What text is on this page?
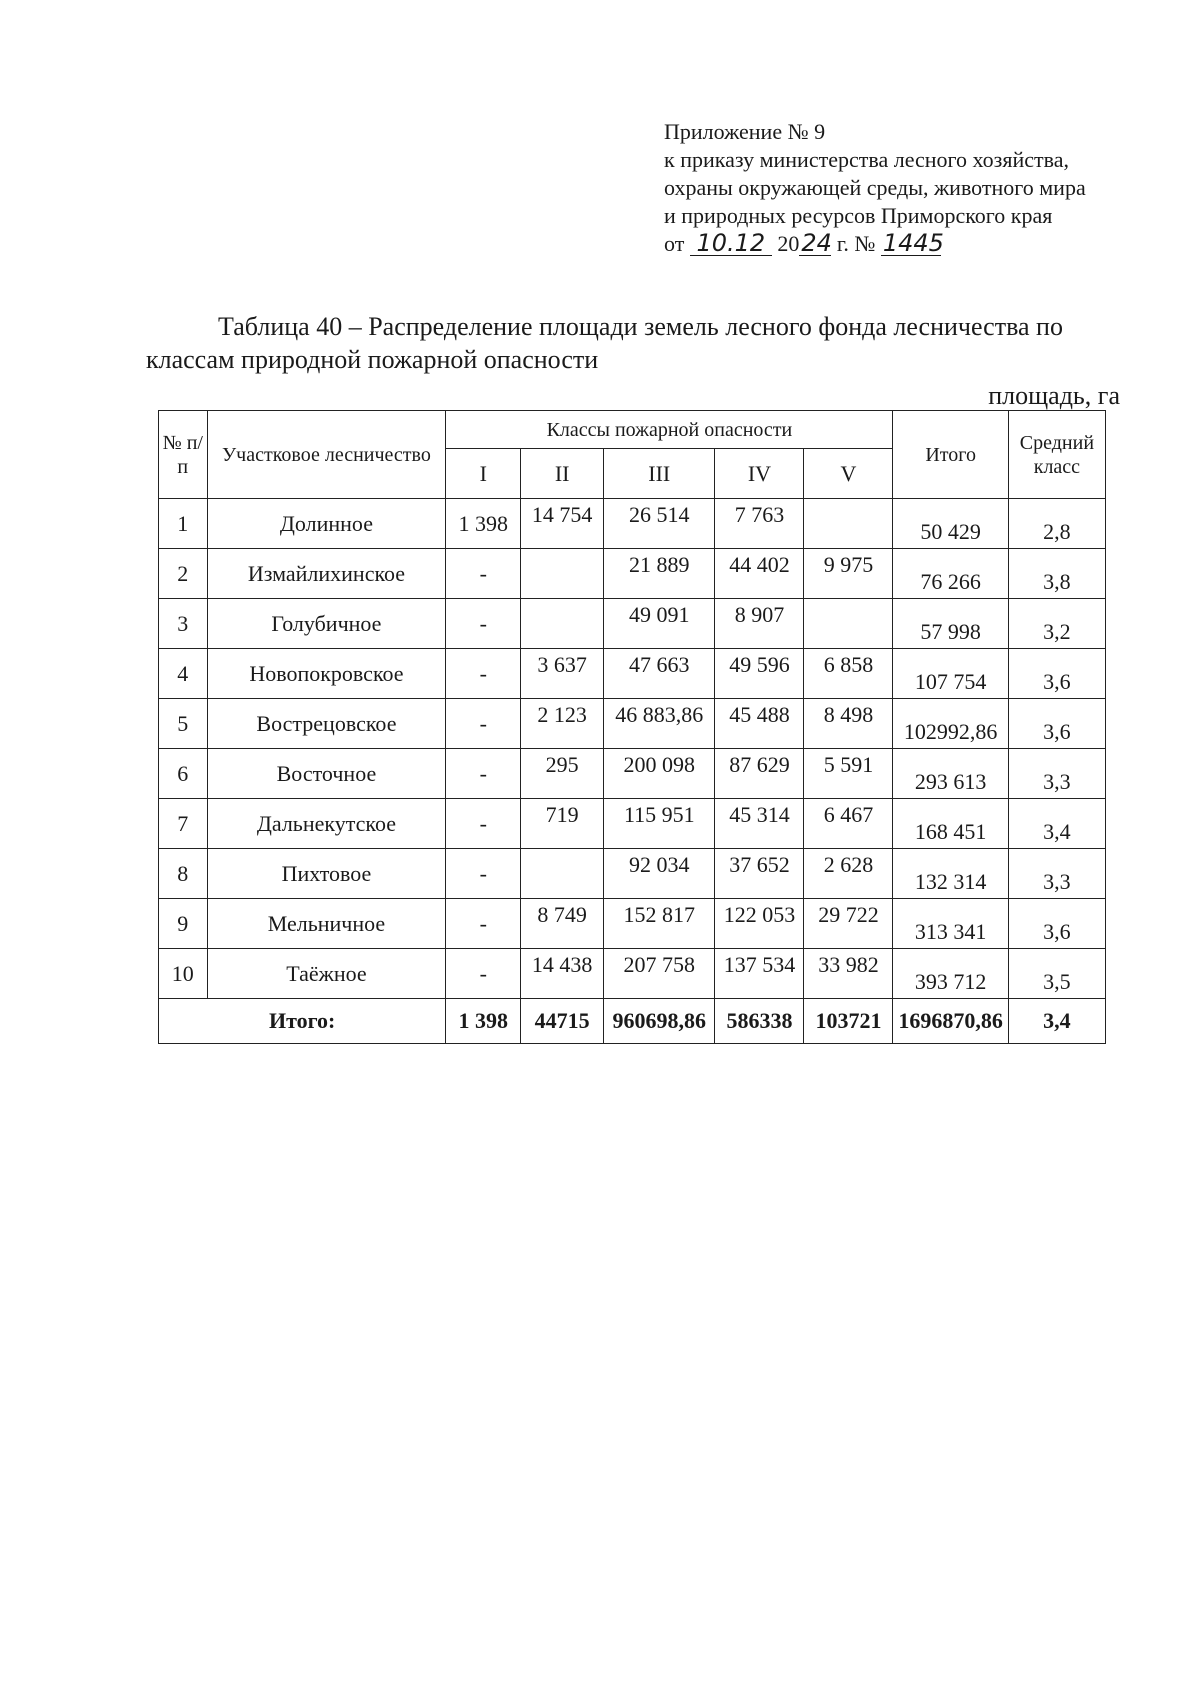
Приложение № 9
к приказу министерства лесного хозяйства,
охраны окружающей среды, животного мира
и природных ресурсов Приморского края
от 10.12 2024 г. № 1445
Таблица 40 – Распределение площади земель лесного фонда лесничества по классам природной пожарной опасности
площадь, га
№ п/п	Участковое лесничество	Классы пожарной опасности					Итого	Средний класс
		I	II	III	IV	V		
1	Долинное	1 398	14 754	26 514	7 763		50 429	2,8
2	Измайлихинское	-		21 889	44 402	9 975	76 266	3,8
3	Голубичное	-		49 091	8 907		57 998	3,2
4	Новопокровское	-	3 637	47 663	49 596	6 858	107 754	3,6
5	Вострецовское	-	2 123	46 883,86	45 488	8 498	102992,86	3,6
6	Восточное	-	295	200 098	87 629	5 591	293 613	3,3
7	Дальнекутское	-	719	115 951	45 314	6 467	168 451	3,4
8	Пихтовое	-		92 034	37 652	2 628	132 314	3,3
9	Мельничное	-	8 749	152 817	122 053	29 722	313 341	3,6
10	Таёжное	-	14 438	207 758	137 534	33 982	393 712	3,5
Итого:		1 398	44715	960698,86	586338	103721	1696870,86	3,4
